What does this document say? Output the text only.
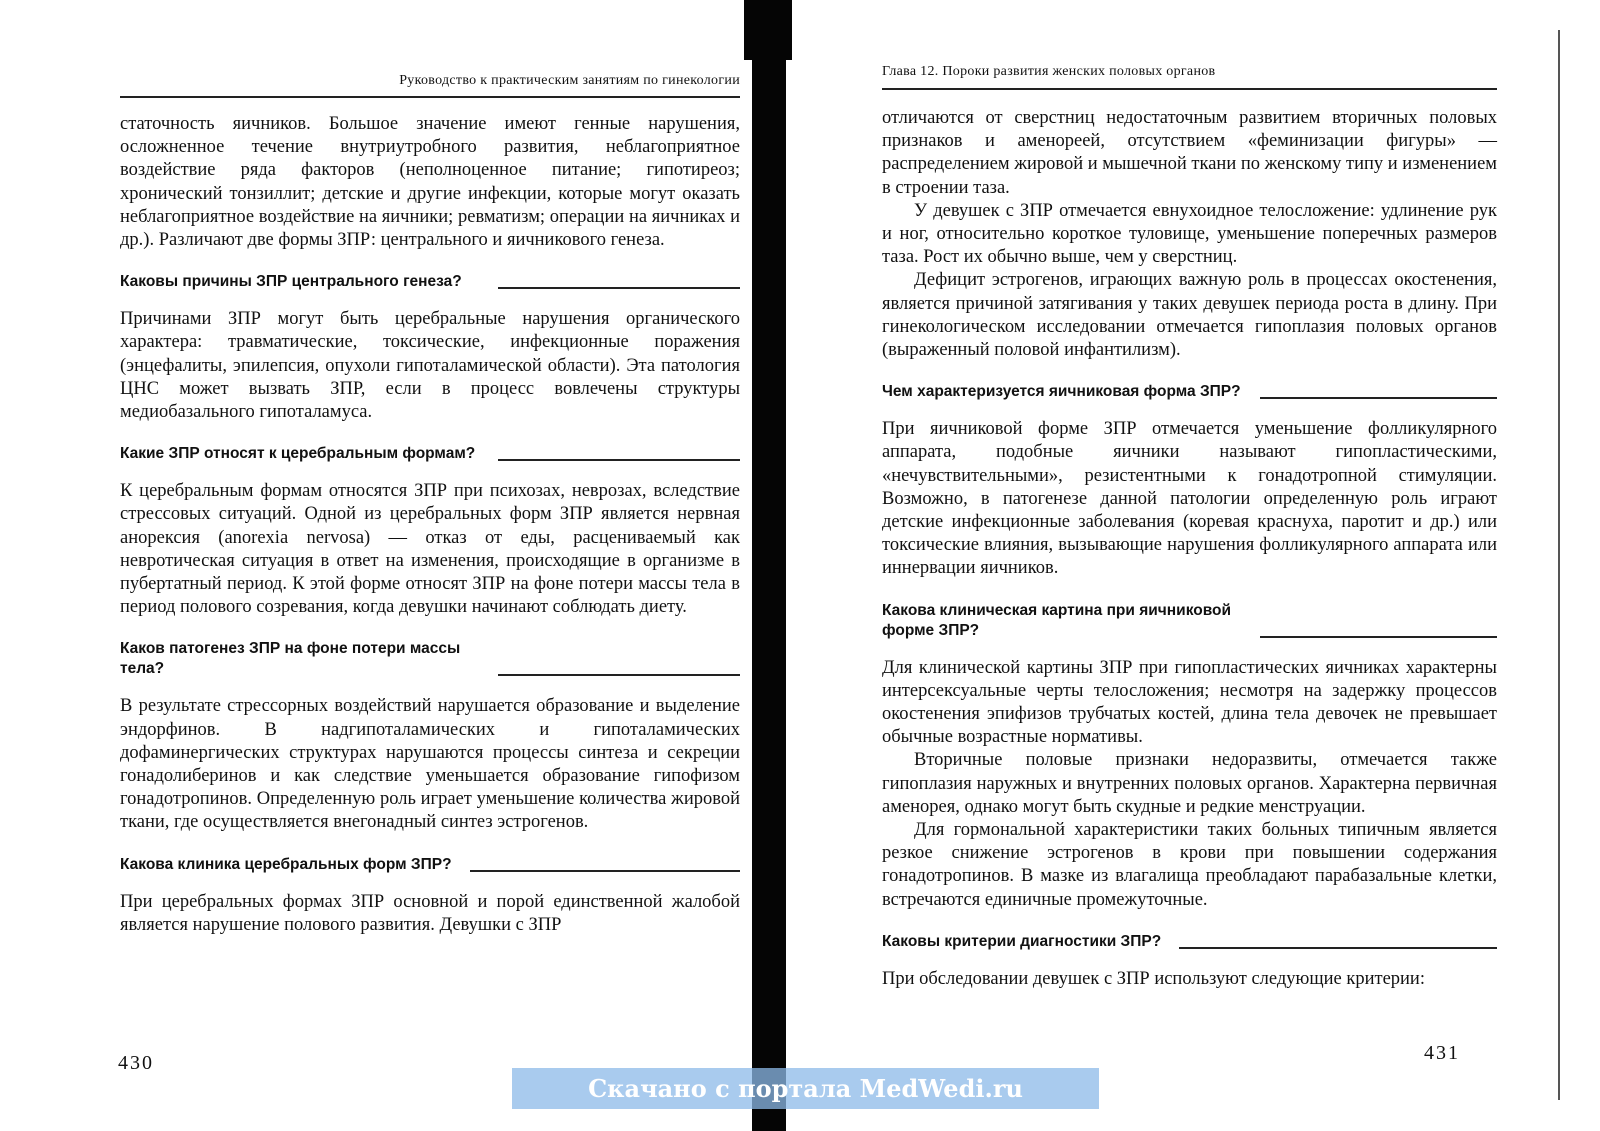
Руководство к практическим занятиям по гинекологии

статочность яичников. Большое значение имеют генные нарушения, осложненное течение внутриутробного развития, неблагоприятное воздействие ряда факторов (неполноценное питание; гипотиреоз; хронический тонзиллит; детские и другие инфекции, которые могут оказать неблагоприятное воздействие на яичники; ревматизм; операции на яичниках и др.). Различают две формы ЗПР: центрального и яичникового генеза.

Каковы причины ЗПР центрального генеза?

Причинами ЗПР могут быть церебральные нарушения органического характера: травматические, токсические, инфекционные поражения (энцефалиты, эпилепсия, опухоли гипоталамической области). Эта патология ЦНС может вызвать ЗПР, если в процесс вовлечены структуры медиобазального гипоталамуса.

Какие ЗПР относят к церебральным формам?

К церебральным формам относятся ЗПР при психозах, неврозах, вследствие стрессовых ситуаций. Одной из церебральных форм ЗПР является нервная анорексия (anorexia nervosa) — отказ от еды, расцениваемый как невротическая ситуация в ответ на изменения, происходящие в организме в пубертатный период. К этой форме относят ЗПР на фоне потери массы тела в период полового созревания, когда девушки начинают соблюдать диету.

Каков патогенез ЗПР на фоне потери массы тела?

В результате стрессорных воздействий нарушается образование и выделение эндорфинов. В надгипоталамических и гипоталамических дофаминергических структурах нарушаются процессы синтеза и секреции гонадолиберинов и как следствие уменьшается образование гипофизом гонадотропинов. Определенную роль играет уменьшение количества жировой ткани, где осуществляется внегонадный синтез эстрогенов.

Какова клиника церебральных форм ЗПР?

При церебральных формах ЗПР основной и порой единственной жалобой является нарушение полового развития. Девушки с ЗПР

430
Глава 12. Пороки развития женских половых органов

отличаются от сверстниц недостаточным развитием вторичных половых признаков и аменореей, отсутствием «феминизации фигуры» — распределением жировой и мышечной ткани по женскому типу и изменением в строении таза.

У девушек с ЗПР отмечается евнухоидное телосложение: удлинение рук и ног, относительно короткое туловище, уменьшение поперечных размеров таза. Рост их обычно выше, чем у сверстниц.

Дефицит эстрогенов, играющих важную роль в процессах окостенения, является причиной затягивания у таких девушек периода роста в длину. При гинекологическом исследовании отмечается гипоплазия половых органов (выраженный половой инфантилизм).

Чем характеризуется яичниковая форма ЗПР?

При яичниковой форме ЗПР отмечается уменьшение фолликулярного аппарата, подобные яичники называют гипопластическими, «нечувствительными», резистентными к гонадотропной стимуляции. Возможно, в патогенезе данной патологии определенную роль играют детские инфекционные заболевания (коревая краснуха, паротит и др.) или токсические влияния, вызывающие нарушения фолликулярного аппарата или иннервации яичников.

Какова клиническая картина при яичниковой форме ЗПР?

Для клинической картины ЗПР при гипопластических яичниках характерны интерсексуальные черты телосложения; несмотря на задержку процессов окостенения эпифизов трубчатых костей, длина тела девочек не превышает обычные возрастные нормативы.

Вторичные половые признаки недоразвиты, отмечается также гипоплазия наружных и внутренних половых органов. Характерна первичная аменорея, однако могут быть скудные и редкие менструации.

Для гормональной характеристики таких больных типичным является резкое снижение эстрогенов в крови при повышении содержания гонадотропинов. В мазке из влагалища преобладают парабазальные клетки, встречаются единичные промежуточные.

Каковы критерии диагностики ЗПР?

При обследовании девушек с ЗПР используют следующие критерии:

431
Скачано с портала MedWedi.ru
